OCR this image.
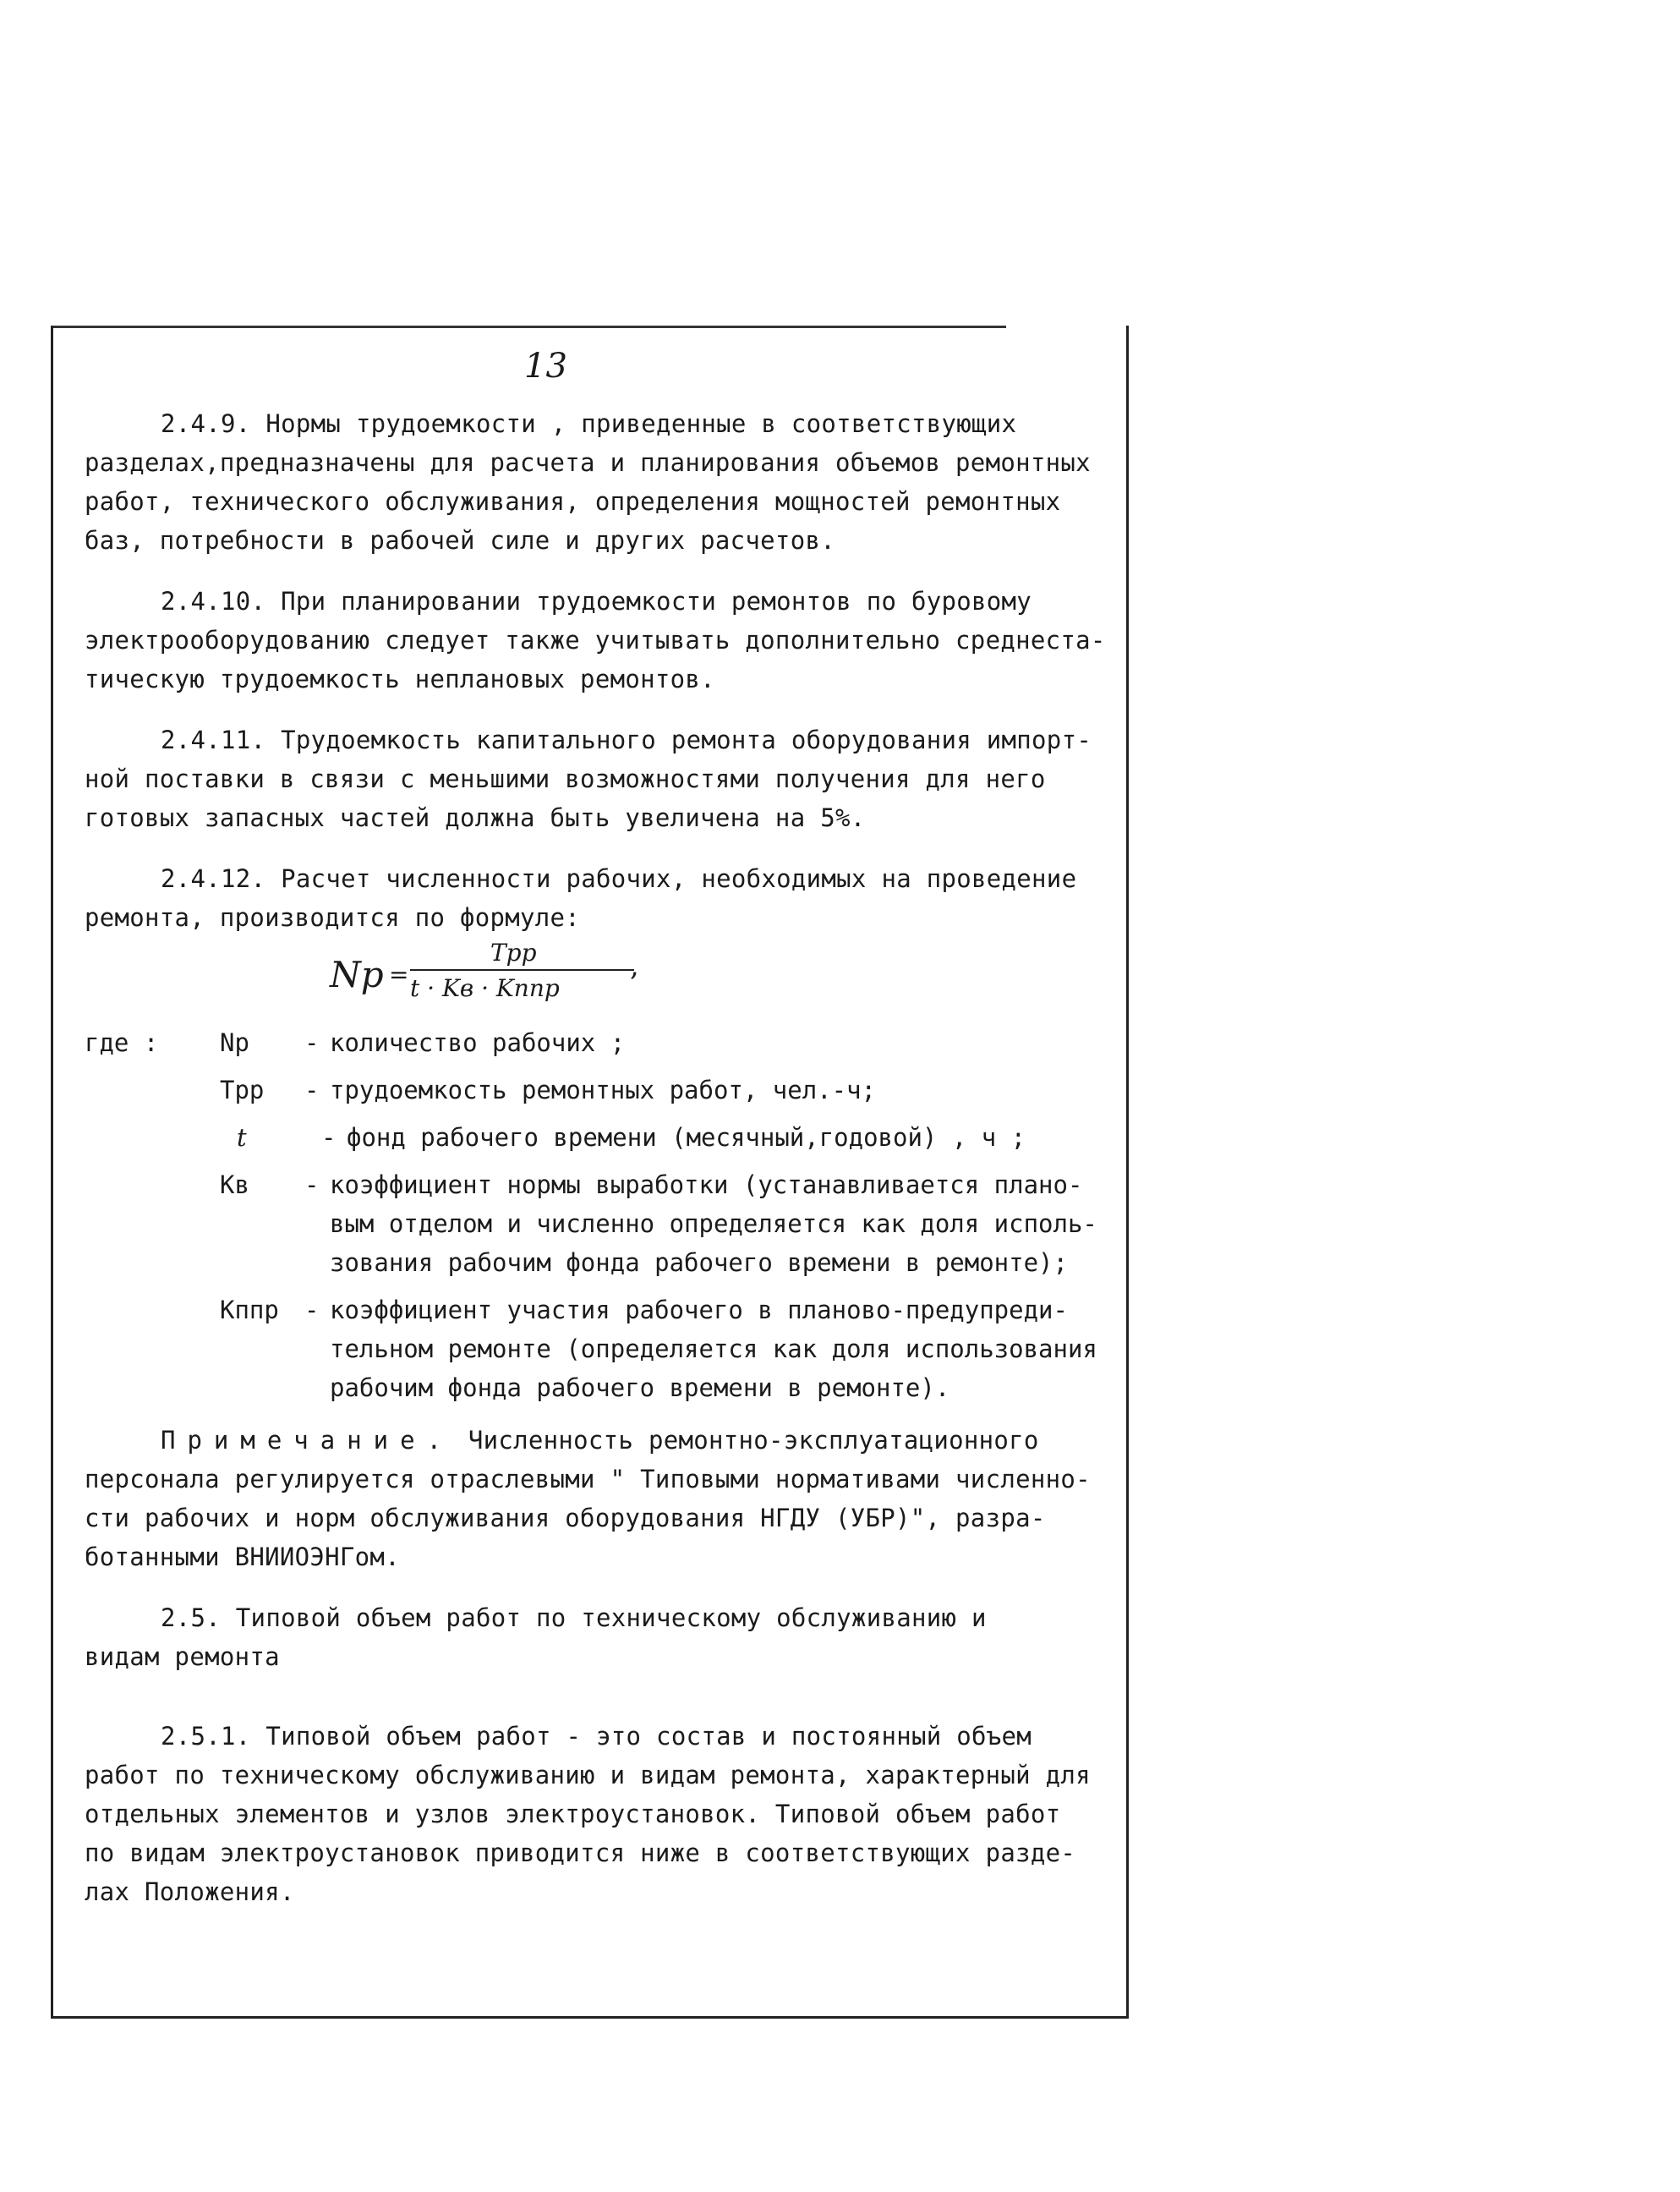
13
2.4.9. Нормы трудоемкости , приведенные в соответствующих
разделах,предназначены для расчета и планирования объемов ремонтных
работ, технического обслуживания, определения мощностей ремонтных
баз, потребности в рабочей силе и других расчетов.
2.4.10. При планировании трудоемкости ремонтов по буровому
электрооборудованию следует также учитывать дополнительно среднеста-
тическую трудоемкость неплановых ремонтов.
2.4.11. Трудоемкость капитального ремонта оборудования импорт-
ной поставки в связи с меньшими возможностями получения для него
готовых запасных частей должна быть увеличена на 5%.
2.4.12. Расчет численности рабочих, необходимых на проведение
ремонта, производится по формуле:
Np =
Tpp
t · Kв · Kппр
,
где :	Nр	- количество рабочих ;
Трр	- трудоемкость ремонтных работ, чел.-ч;
t	- фонд рабочего времени (месячный,годовой) , ч ;
Кв	- коэффициент нормы выработки (устанавливается плано-
вым отделом и численно определяется как доля исполь-
зования рабочим фонда рабочего времени в ремонте);
Кппр	- коэффициент участия рабочего в планово-предупреди-
тельном ремонте (определяется как доля использования
рабочим фонда рабочего времени в ремонте).
Примечание. Численность ремонтно-эксплуатационного
персонала регулируется отраслевыми " Типовыми нормативами численно-
сти рабочих и норм обслуживания оборудования НГДУ (УБР)", разра-
ботанными ВНИИОЭНГом.
2.5. Типовой объем работ по техническому обслуживанию и
видам ремонта
2.5.1. Типовой объем работ - это состав и постоянный объем
работ по техническому обслуживанию и видам ремонта, характерный для
отдельных элементов и узлов электроустановок. Типовой объем работ
по видам электроустановок приводится ниже в соответствующих разде-
лах Положения.
